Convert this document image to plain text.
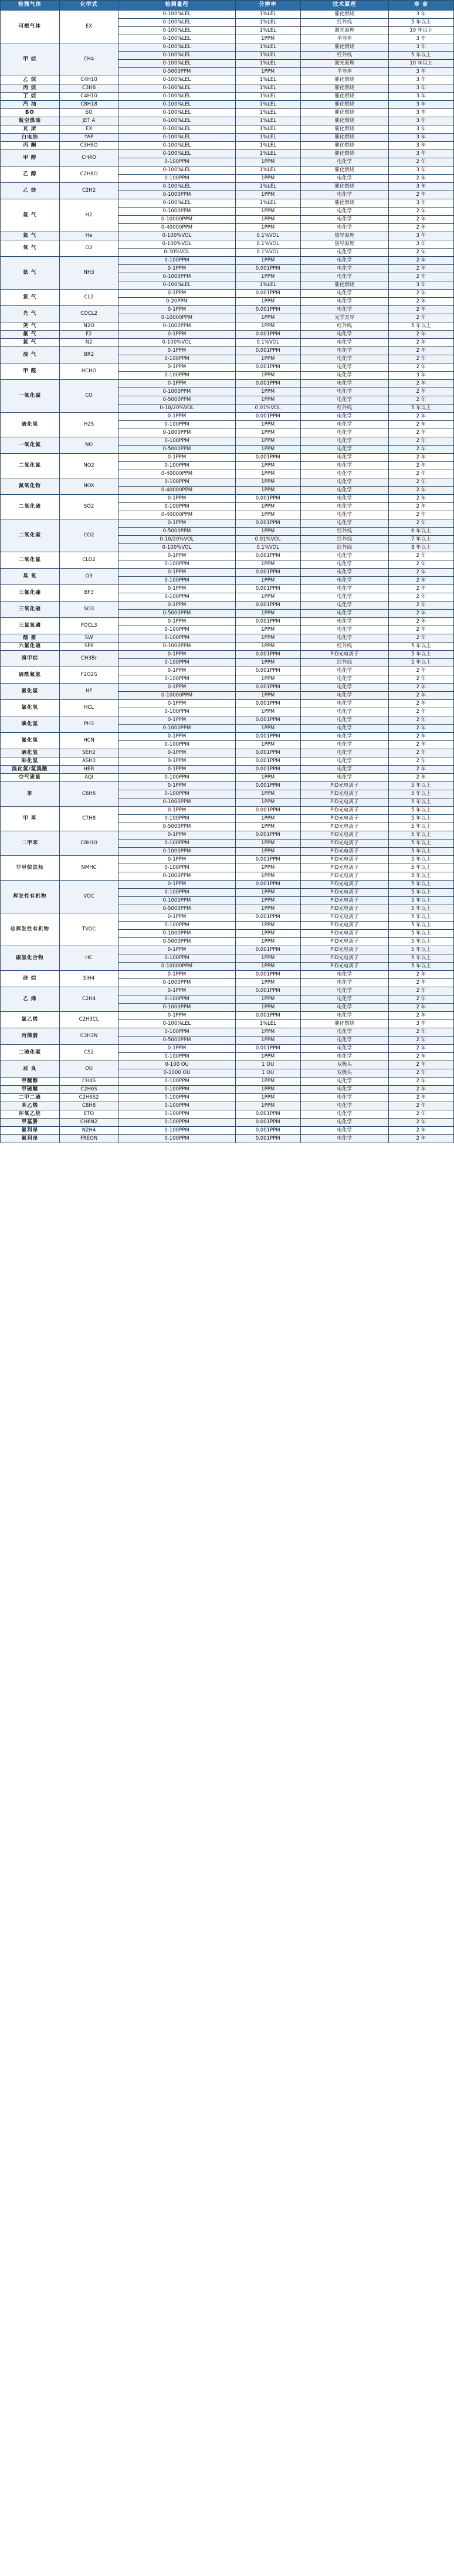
检测气体	化学式	检测量程	分辨率	技术原理	寿 命
可燃气体	EX	0-100%LEL	1%LEL	催化燃烧	3 年
		0-100%LEL	1%LEL	红外线	5 年以上
		0-100%LEL	1%LEL	激光原理	10 年以上
		0-100%LEL	1PPM	半导体	3 年
甲 烷	CH4	0-100%LEL	1%LEL	催化燃烧	3 年
		0-100%LEL	1%LEL	红外线	5 年以上
		0-100%LEL	1%LEL	激光原理	10 年以上
		0-5000PPM	1PPM	半导体	3 年
乙 烷	C4H10	0-100%LEL	1%LEL	催化燃烧	3 年
丙 烷	C3H8	0-100%LEL	1%LEL	催化燃烧	3 年
丁 烷	C4H10	0-100%LEL	1%LEL	催化燃烧	3 年
汽 油	C8H18	0-100%LEL	1%LEL	催化燃烧	3 年
БО	БО	0-100%LEL	1%LEL	催化燃烧	3 年
航空煤油	JET A	0-100%LEL	1%LEL	催化燃烧	3 年
瓦 斯	EX	0-100%LEL	1%LEL	催化燃烧	3 年
白电油	YAP	0-100%LEL	1%LEL	催化燃烧	3 年
丙 酮	C3H6O	0-100%LEL	1%LEL	催化燃烧	3 年
甲 醇	CH4O	0-100%LEL	1%LEL	催化燃烧	3 年
		0-100PPM	1PPM	电化学	2 年
乙 醇	C2H6O	0-100%LEL	1%LEL	催化燃烧	3 年
		0-100PPM	1PPM	电化学	2 年
乙 炔	C2H2	0-100%LEL	1%LEL	催化燃烧	3 年
		0-1000PPM	1PPM	电化学	2 年
氢 气	H2	0-100%LEL	1%LEL	催化燃烧	3 年
		0-1000PPM	1PPM	电化学	2 年
		0-10000PPM	1PPM	电化学	2 年
		0-40000PPM	1PPM	电化学	2 年
氦 气	He	0-100%VOL	0.1%VOL	热导原理	3 年
氧 气	O2	0-100%VOL	0.1%VOL	热导原理	3 年
		0-30%VOL	0.1%VOL	电化学	2 年
氨 气	NH3	0-100PPM	1PPM	电化学	2 年
		0-1PPM	0.001PPM	电化学	2 年
		0-1000PPM	1PPM	电化学	2 年
		0-100%LEL	1%LEL	催化燃烧	3 年
氯 气	CL2	0-1PPM	0.001PPM	电化学	2 年
		0-20PPM	1PPM	电化学	2 年
光 气	COCL2	0-1PPM	0.001PPM	电化学	2 年
		0-10000PPM	1PPM	光学类导	2 年
笑 气	N2O	0-1000PPM	1PPM	红外线	5 年以上
氟 气	F2	0-1PPM	0.001PPM	电化学	2 年
氮 气	N2	0-100%VOL	0.1%VOL	电化学	2 年
溴 气	BR2	0-1PPM	0.001PPM	电化学	2 年
		0-100PPM	1PPM	电化学	2 年
甲 醛	HCHO	0-1PPM	0.001PPM	电化学	2 年
		0-100PPM	1PPM	电化学	3 年
一氧化碳	CO	0-1PPM	0.001PPM	电化学	2 年
		0-1000PPM	1PPM	电化学	2 年
		0-5000PPM	1PPM	电化学	2 年
		0-10/20%VOL	0.01%VOL	红外线	5 年以上
硫化氢	H2S	0-1PPM	0.001PPM	电化学	2 年
		0-100PPM	1PPM	电化学	2 年
		0-1000PPM	1PPM	电化学	2 年
一氧化氮	NO	0-100PPM	1PPM	电化学	2 年
		0-5000PPM	1PPM	电化学	2 年
二氧化氮	NO2	0-1PPM	0.001PPM	电化学	2 年
		0-100PPM	1PPM	电化学	2 年
		0-40000PPM	1PPM	电化学	2 年
氮氧化物	NOX	0-100PPM	1PPM	电化学	2 年
		0-40000PPM	1PPM	电化学	2 年
二氧化硫	SO2	0-1PPM	0.001PPM	电化学	2 年
		0-100PPM	1PPM	电化学	2 年
		0-40000PPM	1PPM	电化学	2 年
二氧化碳	CO2	0-1PPM	0.001PPM	电化学	2 年
		0-5000PPM	1PPM	红外线	6 年以上
		0-10/20%VOL	0.01%VOL	红外线	7 年以上
		0-100%VOL	0.1%VOL	红外线	8 年以上
二氧化氯	CLO2	0-1PPM	0.001PPM	电化学	2 年
		0-100PPM	1PPM	电化学	2 年
臭 氧	O3	0-1PPM	0.001PPM	电化学	2 年
		0-100PPM	1PPM	电化学	2 年
三氟化硼	BF3	0-1PPM	0.001PPM	电化学	2 年
		0-100PPM	1PPM	电化学	2 年
三氧化硫	SO3	0-1PPM	0.001PPM	电化学	2 年
		0-5000PPM	1PPM	电化学	2 年
三氯氧磷	POCL3	0-1PPM	0.001PPM	电化学	2 年
		0-100PPM	1PPM	电化学	2 年
酸 雾	SW	0-100PPM	1PPM	电化学	2 年
六氟化硫	SF6	0-1000PPM	1PPM	红外线	5 年以上
溴甲烷	CH3Br	0-1PPM	0.001PPM	PID光电离子	5 年以上
		0-100PPM	1PPM	红外线	5 年以上
硫酰氟氨	F2O2S	0-1PPM	0.001PPM	电化学	2 年
		0-100PPM	1PPM	电化学	2 年
氟化氢	HF	0-1PPM	0.001PPM	电化学	2 年
		0-10000PPM	1PPM	电化学	2 年
氯化氢	HCL	0-1PPM	0.001PPM	电化学	2 年
		0-100PPM	1PPM	电化学	2 年
碘化氢	PH3	0-1PPM	0.001PPM	电化学	2 年
		0-1000PPM	1PPM	电化学	2 年
氰化氢	HCN	0-1PPM	0.001PPM	电化学	2 年
		0-100PPM	1PPM	电化学	2 年
硒化氢	SEH2	0-1PPM	0.001PPM	电化学	2 年
砷化氢	ASH3	0-1PPM	0.001PPM	电化学	2 年
溴化氢/氢溴酸	HBR	0-1PPM	0.001PPM	电化学	2 年
空气质量	AQI	0-100PPM	1PPM	电化学	2 年
苯	C6H6	0-1PPM	0.001PPM	PID光电离子	5 年以上
		0-100PPM	1PPM	PID光电离子	5 年以上
		0-1000PPM	1PPM	PID光电离子	5 年以上
甲 苯	C7H8	0-1PPM	0.001PPM	PID光电离子	5 年以上
		0-100PPM	1PPM	PID光电离子	5 年以上
		0-5000PPM	1PPM	PID光电离子	5 年以上
二甲苯	C8H10	0-1PPM	0.001PPM	PID光电离子	5 年以上
		0-100PPM	1PPM	PID光电离子	5 年以上
		0-1000PPM	1PPM	PID光电离子	5 年以上
非甲烷总烃	NMHC	0-1PPM	0.001PPM	PID光电离子	5 年以上
		0-100PPM	1PPM	PID光电离子	5 年以上
		0-1000PPM	1PPM	PID光电离子	5 年以上
挥发性有机物	VOC	0-1PPM	0.001PPM	PID光电离子	5 年以上
		0-100PPM	1PPM	PID光电离子	5 年以上
		0-1000PPM	1PPM	PID光电离子	5 年以上
		0-5000PPM	1PPM	PID光电离子	5 年以上
总挥发性有机物	TVOC	0-1PPM	0.001PPM	PID光电离子	5 年以上
		0-100PPM	1PPM	PID光电离子	5 年以上
		0-1000PPM	1PPM	PID光电离子	5 年以上
		0-5000PPM	1PPM	PID光电离子	5 年以上
碳氢化合物	HC	0-1PPM	0.001PPM	PID光电离子	5 年以上
		0-100PPM	1PPM	PID光电离子	5 年以上
		0-10000PPM	1PPM	PID光电离子	5 年以上
硅 烷	SIH4	0-1PPM	0.001PPM	电化学	2 年
		0-1000PPM	1PPM	电化学	2 年
乙 烯	C2H4	0-1PPM	0.001PPM	电化学	2 年
		0-100PPM	1PPM	电化学	2 年
		0-1000PPM	1PPM	电化学	2 年
氯乙烯	C2H3CL	0-1PPM	0.001PPM	电化学	2 年
		0-100%LEL	1%LEL	催化燃烧	3 年
丙烯腈	C3H3N	0-100PPM	1PPM	电化学	2 年
		0-5000PPM	1PPM	电化学	2 年
二硫化碳	CS2	0-1PPM	0.001PPM	电化学	2 年
		0-100PPM	1PPM	电化学	2 年
恶 臭	OU	0-100 OU	1 OU	双极头	2 年
		0-1000 OU	1 OU	双极头	2 年
甲醚醇	CH4S	0-100PPM	1PPM	电化学	2 年
甲硫醚	C2H6S	0-100PPM	1PPM	电化学	2 年
二甲二硫	C2H6S2	0-100PPM	1PPM	电化学	2 年
苯乙烯	C8H8	0-100PPM	1PPM	电化学	2 年
环氧乙烷	ETO	0-100PPM	0.001PPM	电化学	2 年
甲基肼	CH6N2	0-100PPM	0.001PPM	电化学	2 年
氟利昂	N2H4	0-100PPM	0.001PPM	电化学	2 年
氟利昂	FREON	0-100PPM	0.001PPM	电化学	2 年
